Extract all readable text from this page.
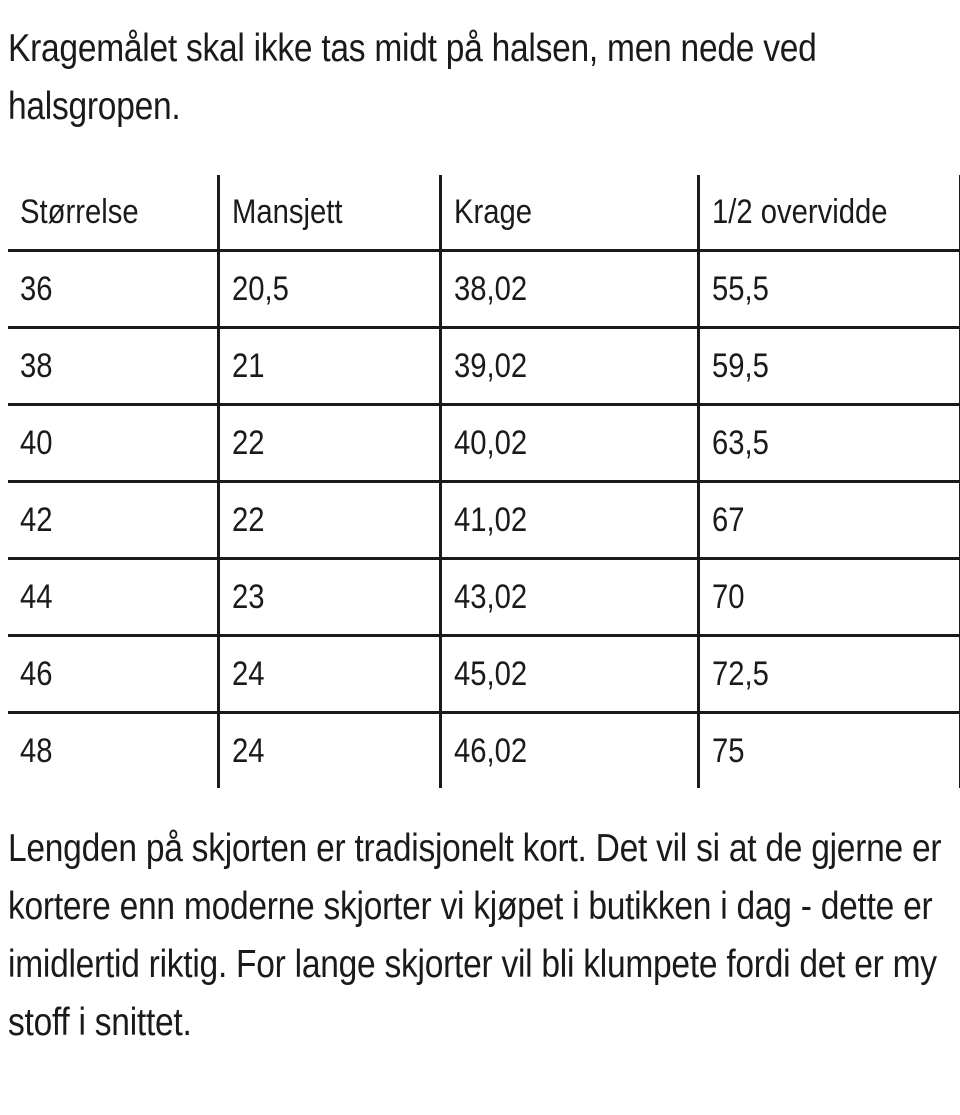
Kragemålet skal ikke tas midt på halsen, men nede ved halsgropen.

Størrelse	Mansjett	Krage	1/2 overvidde
36	20,5	38,02	55,5
38	21	39,02	59,5
40	22	40,02	63,5
42	22	41,02	67
44	23	43,02	70
46	24	45,02	72,5
48	24	46,02	75

Lengden på skjorten er tradisjonelt kort. Det vil si at de gjerne er kortere enn moderne skjorter vi kjøpet i butikken i dag - dette er imidlertid riktig. For lange skjorter vil bli klumpete fordi det er my stoff i snittet.
